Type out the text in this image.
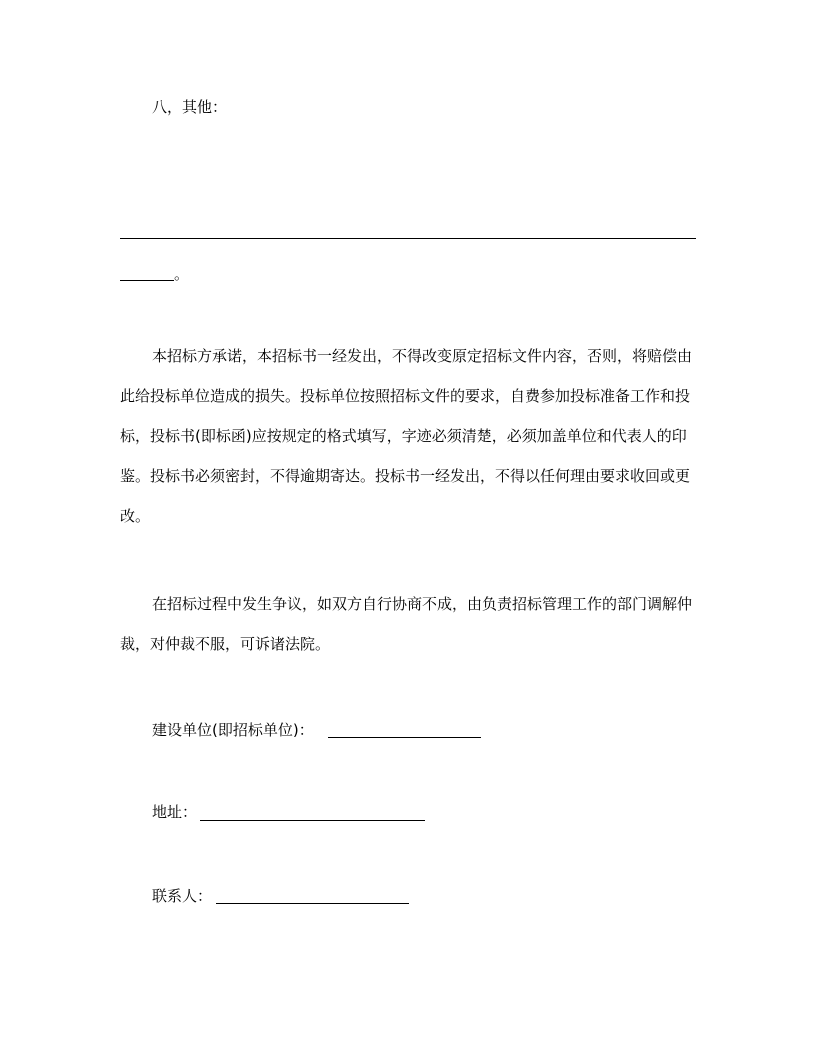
八，其他：
。
本招标方承诺，本招标书一经发出，不得改变原定招标文件内容，否则，将赔偿由此给投标单位造成的损失。投标单位按照招标文件的要求，自费参加投标准备工作和投标，投标书(即标函)应按规定的格式填写，字迹必须清楚，必须加盖单位和代表人的印鉴。投标书必须密封，不得逾期寄达。投标书一经发出，不得以任何理由要求收回或更改。
在招标过程中发生争议，如双方自行协商不成，由负责招标管理工作的部门调解仲裁，对仲裁不服，可诉诸法院。
建设单位(即招标单位)：
地址：
联系人：
